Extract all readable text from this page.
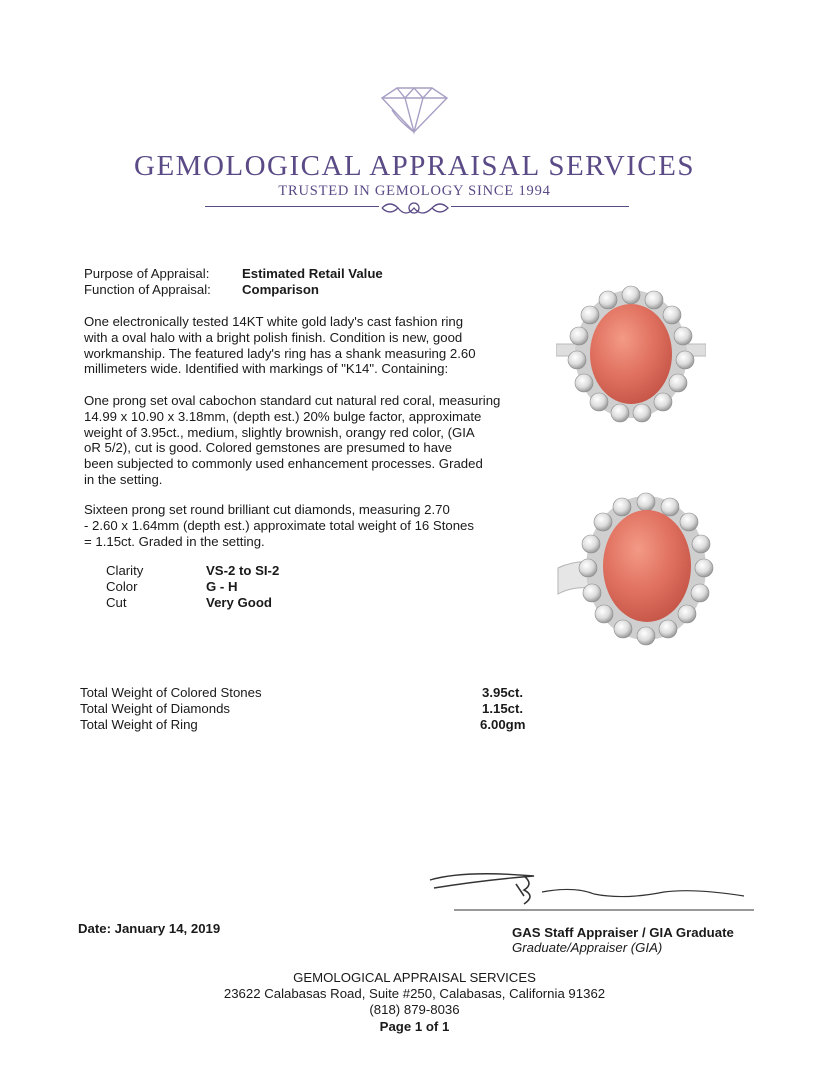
GEMOLOGICAL APPRAISAL SERVICES
TRUSTED IN GEMOLOGY SINCE 1994
Purpose of Appraisal: Estimated Retail Value
Function of Appraisal: Comparison
One electronically tested 14KT white gold lady's cast fashion ring
with a oval halo with a bright polish finish. Condition is new, good
workmanship. The featured lady's ring has a shank measuring 2.60
millimeters wide. Identified with markings of "K14". Containing:
One prong set oval cabochon standard cut natural red coral, measuring
14.99 x 10.90 x 3.18mm, (depth est.) 20% bulge factor, approximate
weight of 3.95ct., medium, slightly brownish, orangy red color, (GIA
oR 5/2), cut is good. Colored gemstones are presumed to have
been subjected to commonly used enhancement processes. Graded
in the setting.
Sixteen prong set round brilliant cut diamonds, measuring 2.70
- 2.60 x 1.64mm (depth est.) approximate total weight of 16 Stones
= 1.15ct. Graded in the setting.
Clarity	VS-2 to SI-2
Color	G - H
Cut	Very Good
Total Weight of Colored Stones	3.95ct.
Total Weight of Diamonds	1.15ct.
Total Weight of Ring	6.00gm
Date: January 14, 2019	GAS Staff Appraiser / GIA Graduate
Graduate/Appraiser (GIA)
GEMOLOGICAL APPRAISAL SERVICES
23622 Calabasas Road, Suite #250, Calabasas, California 91362
(818) 879-8036
Page 1 of 1
